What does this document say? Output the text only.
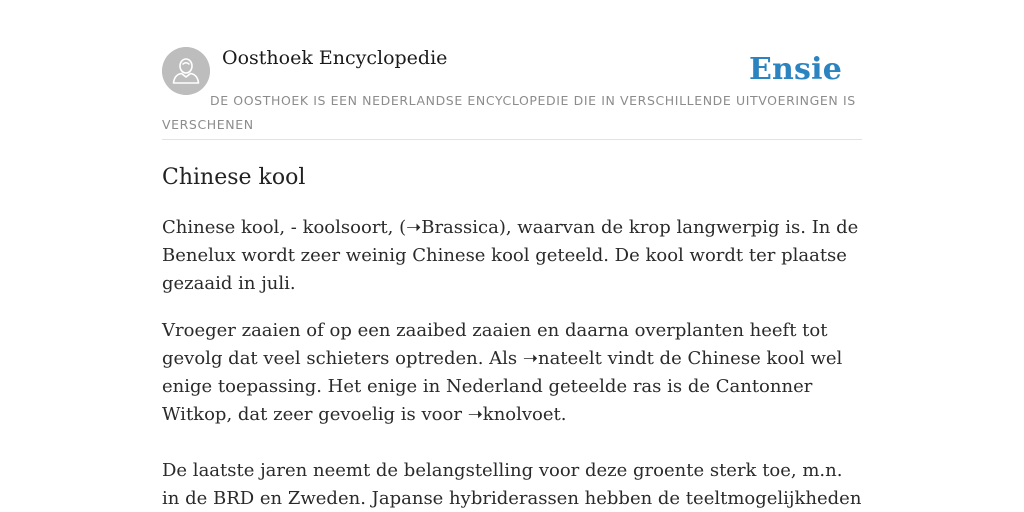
Oosthoek Encyclopedie	Ensie
DE OOSTHOEK IS EEN NEDERLANDSE ENCYCLOPEDIE DIE IN VERSCHILLENDE UITVOERINGEN IS VERSCHENEN
Chinese kool

Chinese kool, - koolsoort, (➝Brassica), waarvan de krop langwerpig is. In de Benelux wordt zeer weinig Chinese kool geteeld. De kool wordt ter plaatse gezaaid in juli.

Vroeger zaaien of op een zaaibed zaaien en daarna overplanten heeft tot gevolg dat veel schieters optreden. Als ➝nateelt vindt de Chinese kool wel enige toepassing. Het enige in Nederland geteelde ras is de Cantonner Witkop, dat zeer gevoelig is voor ➝knolvoet.

De laatste jaren neemt de belangstelling voor deze groente sterk toe, m.n. in de BRD en Zweden. Japanse hybriderassen hebben de teeltmogelijkheden
